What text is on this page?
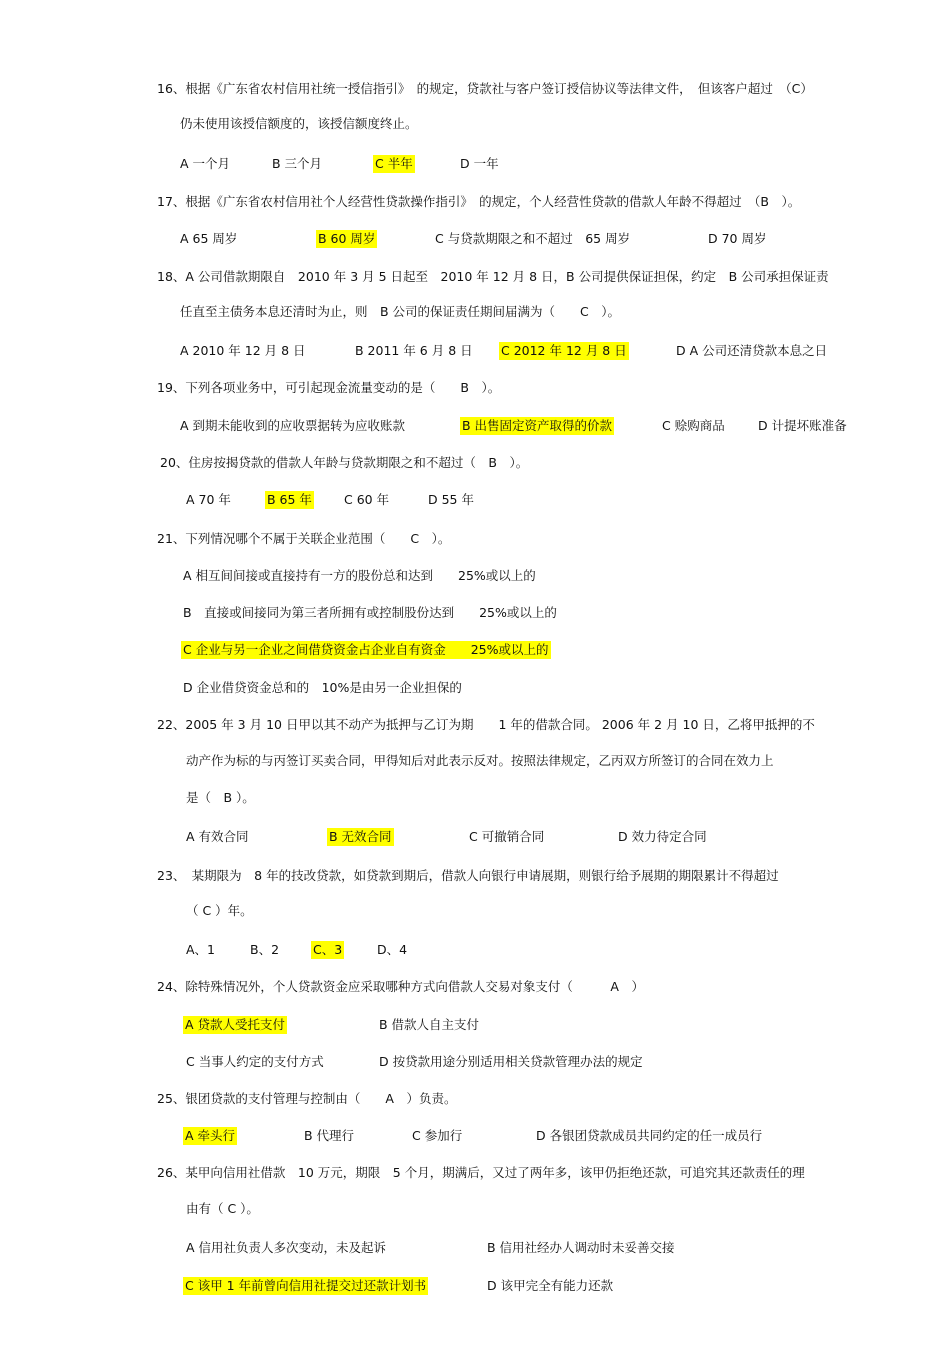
16、根据《广东省农村信用社统一授信指引》　的规定，贷款社与客户签订授信协议等法律文件，　但该客户超过　（C）
仍未使用该授信额度的，该授信额度终止。
A 一个月	B 三个月	C 半年	D 一年
17、根据《广东省农村信用社个人经营性贷款操作指引》　的规定，个人经营性贷款的借款人年龄不得超过　（B　）。
A 65 周岁	B 60 周岁	C 与贷款期限之和不超过　65 周岁	D 70 周岁
18、A 公司借款期限自　2010 年 3 月 5 日起至　2010 年 12 月 8 日，B 公司提供保证担保，约定　B 公司承担保证责
任直至主债务本息还清时为止，则　B 公司的保证责任期间届满为（　　C　）。
A 2010 年 12 月 8 日	B 2011 年 6 月 8 日 C 2012 年 12 月 8 日	D A 公司还清贷款本息之日
19、下列各项业务中，可引起现金流量变动的是（　　B　）。
A 到期未能收到的应收票据转为应收账款	B 出售固定资产取得的价款	C 赊购商品	D 计提坏账准备
20、住房按揭贷款的借款人年龄与贷款期限之和不超过（　B　）。
A 70 年	B 65 年	C 60 年	D 55 年
21、下列情况哪个不属于关联企业范围（　　C　）。
A 相互间间接或直接持有一方的股份总和达到　　25%或以上的
B　直接或间接同为第三者所拥有或控制股份达到　　25%或以上的
C 企业与另一企业之间借贷资金占企业自有资金　　25%或以上的
D 企业借贷资金总和的　10%是由另一企业担保的
22、2005 年 3 月 10 日甲以其不动产为抵押与乙订为期　　1 年的借款合同。 2006 年 2 月 10 日，乙将甲抵押的不
动产作为标的与丙签订买卖合同，甲得知后对此表示反对。按照法律规定，乙丙双方所签订的合同在效力上
是（　B ）。
A 有效合同	B 无效合同	C 可撤销合同	D 效力待定合同
23、　某期限为　8 年的技改贷款，如贷款到期后，借款人向银行申请展期，则银行给予展期的期限累计不得超过
（ C ）年。
A、1	B、2	C、3	D、4
24、除特殊情况外，个人贷款资金应采取哪种方式向借款人交易对象支付（　　　A　）
A 贷款人受托支付	B 借款人自主支付
C 当事人约定的支付方式	D 按贷款用途分别适用相关贷款管理办法的规定
25、银团贷款的支付管理与控制由（　　A　）负责。
A 牵头行	B 代理行	C 参加行	D 各银团贷款成员共同约定的任一成员行
26、某甲向信用社借款　10 万元，期限　5 个月，期满后，又过了两年多，该甲仍拒绝还款，可追究其还款责任的理
由有（ C ）。
A 信用社负责人多次变动，未及起诉	B 信用社经办人调动时未妥善交接
C 该甲 1 年前曾向信用社提交过还款计划书	D 该甲完全有能力还款
